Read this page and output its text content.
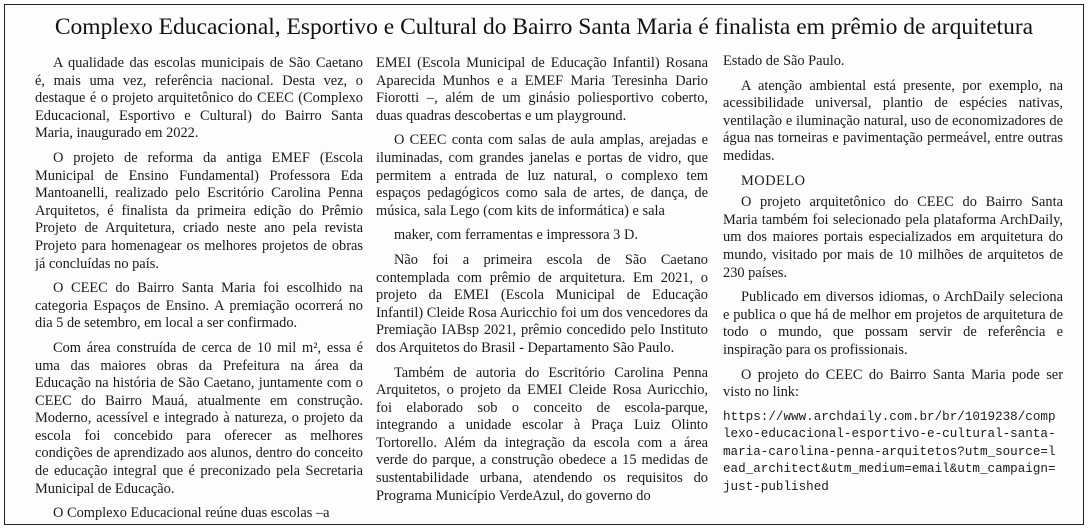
Complexo Educacional, Esportivo e Cultural do Bairro Santa Maria é finalista em prêmio de arquitetura

A qualidade das escolas municipais de São Caetano é, mais uma vez, referência nacional. Desta vez, o destaque é o projeto arquitetônico do CEEC (Complexo Educacional, Esportivo e Cultural) do Bairro Santa Maria, inaugurado em 2022.

O projeto de reforma da antiga EMEF (Escola Municipal de Ensino Fundamental) Professora Eda Mantoanelli, realizado pelo Escritório Carolina Penna Arquitetos, é finalista da primeira edição do Prêmio Projeto de Arquitetura, criado neste ano pela revista Projeto para homenagear os melhores projetos de obras já concluídas no país.

O CEEC do Bairro Santa Maria foi escolhido na categoria Espaços de Ensino. A premiação ocorrerá no dia 5 de setembro, em local a ser confirmado.

Com área construída de cerca de 10 mil m², essa é uma das maiores obras da Prefeitura na área da Educação na história de São Caetano, juntamente com o CEEC do Bairro Mauá, atualmente em construção. Moderno, acessível e integrado à natureza, o projeto da escola foi concebido para oferecer as melhores condições de aprendizado aos alunos, dentro do conceito de educação integral que é preconizado pela Secretaria Municipal de Educação.

O Complexo Educacional reúne duas escolas –a

EMEI (Escola Municipal de Educação Infantil) Rosana Aparecida Munhos e a EMEF Maria Teresinha Dario Fiorotti –, além de um ginásio poliesportivo coberto, duas quadras descobertas e um playground.

O CEEC conta com salas de aula amplas, arejadas e iluminadas, com grandes janelas e portas de vidro, que permitem a entrada de luz natural, o complexo tem espaços pedagógicos como sala de artes, de dança, de música, sala Lego (com kits de informática) e sala

maker, com ferramentas e impressora 3 D.

Não foi a primeira escola de São Caetano contemplada com prêmio de arquitetura. Em 2021, o projeto da EMEI (Escola Municipal de Educação Infantil) Cleide Rosa Auricchio foi um dos vencedores da Premiação IABsp 2021, prêmio concedido pelo Instituto dos Arquitetos do Brasil - Departamento São Paulo.

Também de autoria do Escritório Carolina Penna Arquitetos, o projeto da EMEI Cleide Rosa Auricchio, foi elaborado sob o conceito de escola-parque, integrando a unidade escolar à Praça Luiz Olinto Tortorello. Além da integração da escola com a área verde do parque, a construção obedece a 15 medidas de sustentabilidade urbana, atendendo os requisitos do Programa Município VerdeAzul, do governo do

Estado de São Paulo.

A atenção ambiental está presente, por exemplo, na acessibilidade universal, plantio de espécies nativas, ventilação e iluminação natural, uso de economizadores de água nas torneiras e pavimentação permeável, entre outras medidas.

MODELO

O projeto arquitetônico do CEEC do Bairro Santa Maria também foi selecionado pela plataforma ArchDaily, um dos maiores portais especializados em arquitetura do mundo, visitado por mais de 10 milhões de arquitetos de 230 países.

Publicado em diversos idiomas, o ArchDaily seleciona e publica o que há de melhor em projetos de arquitetura de todo o mundo, que possam servir de referência e inspiração para os profissionais.

O projeto do CEEC do Bairro Santa Maria pode ser visto no link:

https://www.archdaily.com.br/br/1019238/complexo-educacional-esportivo-e-cultural-santa-maria-carolina-penna-arquitetos?utm_source=lead_architect&utm_medium=email&utm_campaign=just-published
